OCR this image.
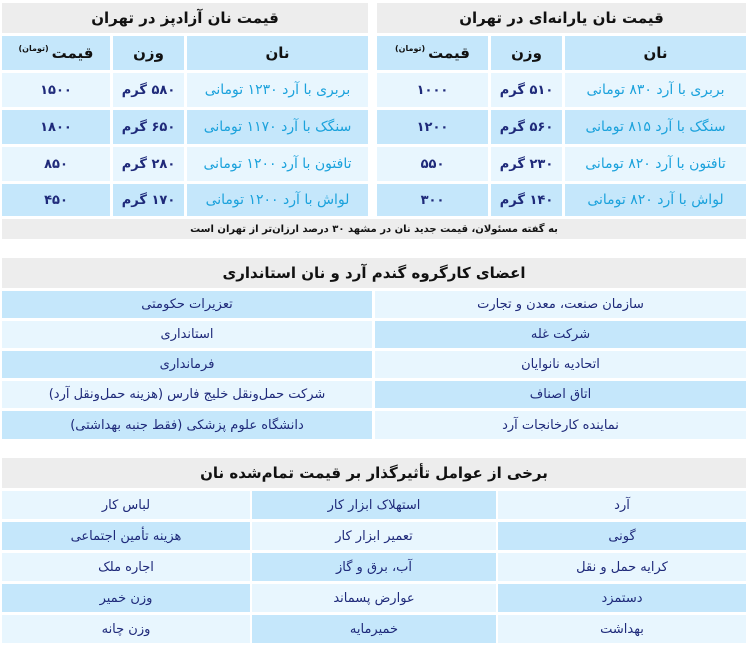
قیمت نان یارانه‌ای در تهران
نان
وزن
قیمت
(تومان)
بربری با آرد ۸۳۰ تومانی
۵۱۰ گرم
۱۰۰۰
سنگک با آرد ۸۱۵ تومانی
۵۶۰ گرم
۱۲۰۰
تافتون با آرد ۸۲۰ تومانی
۲۳۰ گرم
۵۵۰
لواش با آرد ۸۲۰ تومانی
۱۴۰ گرم
۳۰۰
قیمت نان آزادپز در تهران
نان
وزن
قیمت
(تومان)
بربری با آرد ۱۲۳۰ تومانی
۵۸۰ گرم
۱۵۰۰
سنگک با آرد ۱۱۷۰ تومانی
۶۵۰ گرم
۱۸۰۰
تافتون با آرد ۱۲۰۰ تومانی
۲۸۰ گرم
۸۵۰
لواش با آرد ۱۲۰۰ تومانی
۱۷۰ گرم
۴۵۰
به گفته مسئولان، قیمت جدید نان در مشهد ۳۰ درصد ارزان‌تر از تهران است
اعضای کارگروه گندم آرد و نان استانداری
سازمان صنعت، معدن و تجارت
تعزیرات حکومتی
شرکت غله
استانداری
اتحادیه نانوایان
فرمانداری
اتاق اصناف
شرکت حمل‌ونقل خلیج فارس (هزینه حمل‌ونقل آرد)
نماینده کارخانجات آرد
دانشگاه علوم پزشکی (فقط جنبه بهداشتی)
برخی از عوامل تأثیرگذار بر قیمت تمام‌شده نان
آرد
استهلاک ابزار کار
لباس کار
گونی
تعمیر ابزار کار
هزینه تأمین اجتماعی
کرایه حمل و نقل
آب، برق و گاز
اجاره ملک
دستمزد
عوارض پسماند
وزن خمیر
بهداشت
خمیرمایه
وزن چانه
